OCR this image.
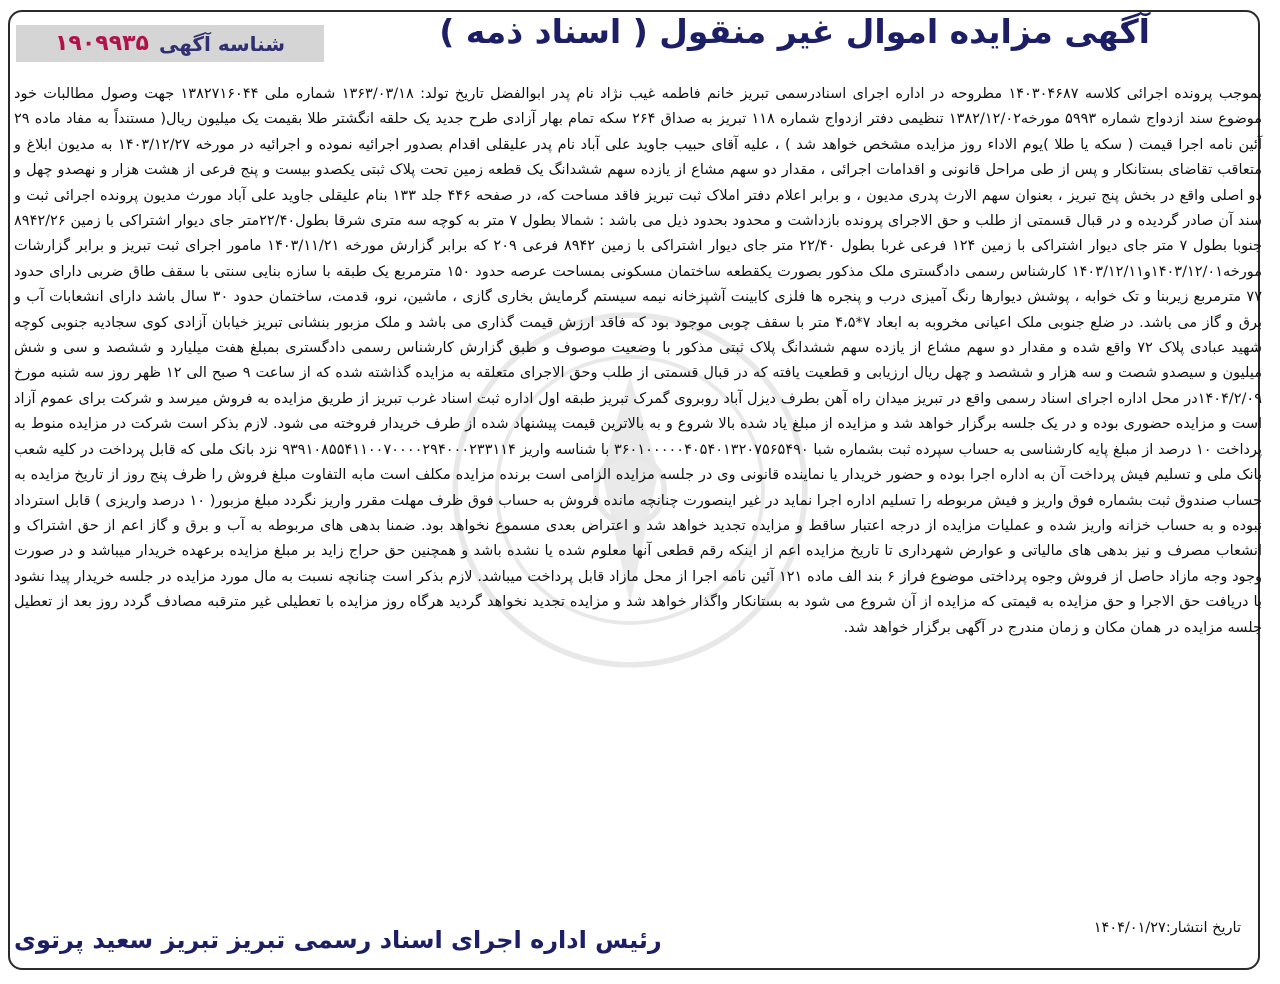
شناسه آگهی
۱۹۰۹۹۳۵	آگهی مزایده اموال غیر منقول ( اسناد ذمه )
بموجب پرونده اجرائی کلاسه ۱۴۰۳۰۴۶۸۷ مطروحه در اداره اجرای اسنادرسمی تبریز خانم فاطمه غیب نژاد نام پدر ابوالفضل تاریخ تولد: ۱۳۶۳/۰۳/۱۸ شماره ملی ۱۳۸۲۷۱۶۰۴۴ جهت وصول مطالبات خود موضوع سند ازدواج شماره ۵۹۹۳ مورخه۱۳۸۲/۱۲/۰۲ تنظیمی دفتر ازدواج شماره ۱۱۸ تبریز به صداق ۲۶۴ سکه تمام بهار آزادی طرح جدید یک حلقه انگشتر طلا بقیمت یک میلیون ریال( مستنداً به مفاد ماده ۲۹ آئین نامه اجرا قیمت ( سکه یا طلا )یوم الاداء روز مزایده مشخص خواهد شد ) ، علیه آقای حبیب جاوید علی آباد نام پدر علیقلی اقدام بصدور اجرائیه نموده و اجرائیه در مورخه ۱۴۰۳/۱۲/۲۷ به مدیون ابلاغ و متعاقب تقاضای بستانکار و پس از طی مراحل قانونی و اقدامات اجرائی ، مقدار دو سهم مشاع از یازده سهم ششدانگ یک قطعه زمین تحت پلاک ثبتی یکصدو بیست و پنج فرعی از هشت هزار و نهصدو چهل و دو اصلی واقع در بخش پنج تبریز ، بعنوان سهم الارث پدری مدیون ، و برابر اعلام دفتر املاک ثبت تبریز فاقد مساحت که، در صفحه ۴۴۶ جلد ۱۳۳ بنام علیقلی جاوید علی آباد مورث مدیون پرونده اجرائی ثبت و سند آن صادر گردیده و در قبال قسمتی از طلب و حق الاجرای پرونده بازداشت و محدود بحدود ذیل می باشد : شمالا بطول ۷ متر به کوچه سه متری شرقا بطول۲۲/۴۰متر جای دیوار اشتراکی با زمین ۸۹۴۲/۲۶ جنوبا بطول ۷ متر جای دیوار اشتراکی با زمین ۱۲۴ فرعی غربا بطول ۲۲/۴۰ متر جای دیوار اشتراکی با زمین ۸۹۴۲ فرعی ۲۰۹ که برابر گزارش مورخه ۱۴۰۳/۱۱/۲۱ مامور اجرای ثبت تبریز و برابر گزارشات مورخه۱۴۰۳/۱۲/۰۱و۱۴۰۳/۱۲/۱۱ کارشناس رسمی دادگستری ملک مذکور بصورت یکقطعه ساختمان مسکونی بمساحت عرصه حدود ۱۵۰ مترمربع یک طبقه با سازه بنایی سنتی با سقف طاق ضربی دارای حدود ۷۷ مترمربع زیربنا و تک خوابه ، پوشش دیوارها رنگ آمیزی درب و پنجره ها فلزی کابینت آشپزخانه نیمه سیستم گرمایش بخاری گازی ، ماشین، نرو، قدمت، ساختمان حدود ۳۰ سال باشد دارای انشعابات آب و برق و گاز می باشد. در ضلع جنوبی ملک اعیانی مخروبه به ابعاد ۷*۴،۵ متر با سقف چوبی موجود بود که فاقد ارزش قیمت گذاری می باشد و ملک مزبور بنشانی تبریز خیابان آزادی کوی سجادیه جنوبی کوچه شهید عبادی پلاک ۷۲ واقع شده و مقدار دو سهم مشاع از یازده سهم ششدانگ پلاک ثبتی مذکور با وضعیت موصوف و طبق گزارش کارشناس رسمی دادگستری بمبلغ هفت میلیارد و ششصد و سی و شش میلیون و سیصدو شصت و سه هزار و ششصد و چهل ریال ارزیابی و قطعیت یافته که در قبال قسمتی از طلب وحق الاجرای متعلقه به مزایده گذاشته شده که از ساعت ۹ صبح الی ۱۲ ظهر روز سه شنبه مورخ ۱۴۰۴/۲/۰۹در محل اداره اجرای اسناد رسمی واقع در تبریز میدان راه آهن بطرف دیزل آباد روبروی گمرک تبریز طبقه اول اداره ثبت اسناد غرب تبریز از طریق مزایده به فروش میرسد و شرکت برای عموم آزاد است و مزایده حضوری بوده و در یک جلسه برگزار خواهد شد و مزایده از مبلغ یاد شده بالا شروع و به بالاترین قیمت پیشنهاد شده از طرف خریدار فروخته می شود. لازم بذکر است شرکت در مزایده منوط به پرداخت ۱۰ درصد از مبلغ پایه کارشناسی به حساب سپرده ثبت بشماره شبا ۳۶۰۱۰۰۰۰۰۴۰۵۴۰۱۳۲۰۷۵۶۵۴۹۰ با شناسه واریز ۹۳۹۱۰۸۵۵۴۱۱۰۰۷۰۰۰۰۲۹۴۰۰۰۲۳۳۱۱۴ نزد بانک ملی که قابل پرداخت در کلیه شعب بانک ملی و تسلیم فیش پرداخت آن به اداره اجرا بوده و حضور خریدار یا نماینده قانونی وی در جلسه مزایده الزامی است برنده مزایده مکلف است مابه التفاوت مبلغ فروش را ظرف پنج روز از تاریخ مزایده به حساب صندوق ثبت بشماره فوق واریز و فیش مربوطه را تسلیم اداره اجرا نماید در غیر اینصورت چنانچه مانده فروش به حساب فوق ظرف مهلت مقرر واریز نگردد مبلغ مزبور( ۱۰ درصد واریزی ) قابل استرداد نبوده و به حساب خزانه واریز شده و عملیات مزایده از درجه اعتبار ساقط و مزایده تجدید خواهد شد و اعتراض بعدی مسموع نخواهد بود. ضمنا بدهی های مربوطه به آب و برق و گاز اعم از حق اشتراک و انشعاب مصرف و نیز بدهی های مالیاتی و عوارض شهرداری تا تاریخ مزایده اعم از اینکه رقم قطعی آنها معلوم شده یا نشده باشد و همچنین حق حراج زاید بر مبلغ مزایده برعهده خریدار میباشد و در صورت وجود وجه مازاد حاصل از فروش وجوه پرداختی موضوع فراز ۶ بند الف ماده ۱۲۱ آئین نامه اجرا از محل مازاد قابل پرداخت میباشد. لازم بذکر است چنانچه نسبت به مال مورد مزایده در جلسه خریدار پیدا نشود با دریافت حق الاجرا و حق مزایده به قیمتی که مزایده از آن شروع می شود به بستانکار واگذار خواهد شد و مزایده تجدید نخواهد گردید هرگاه روز مزایده با تعطیلی غیر مترقبه مصادف گردد روز بعد از تعطیل جلسه مزایده در همان مکان و زمان مندرج در آگهی برگزار خواهد شد.
تاریخ انتشار:۱۴۰۴/۰۱/۲۷
رئیس اداره اجرای اسناد رسمی تبریز تبریز سعید پرتوی
